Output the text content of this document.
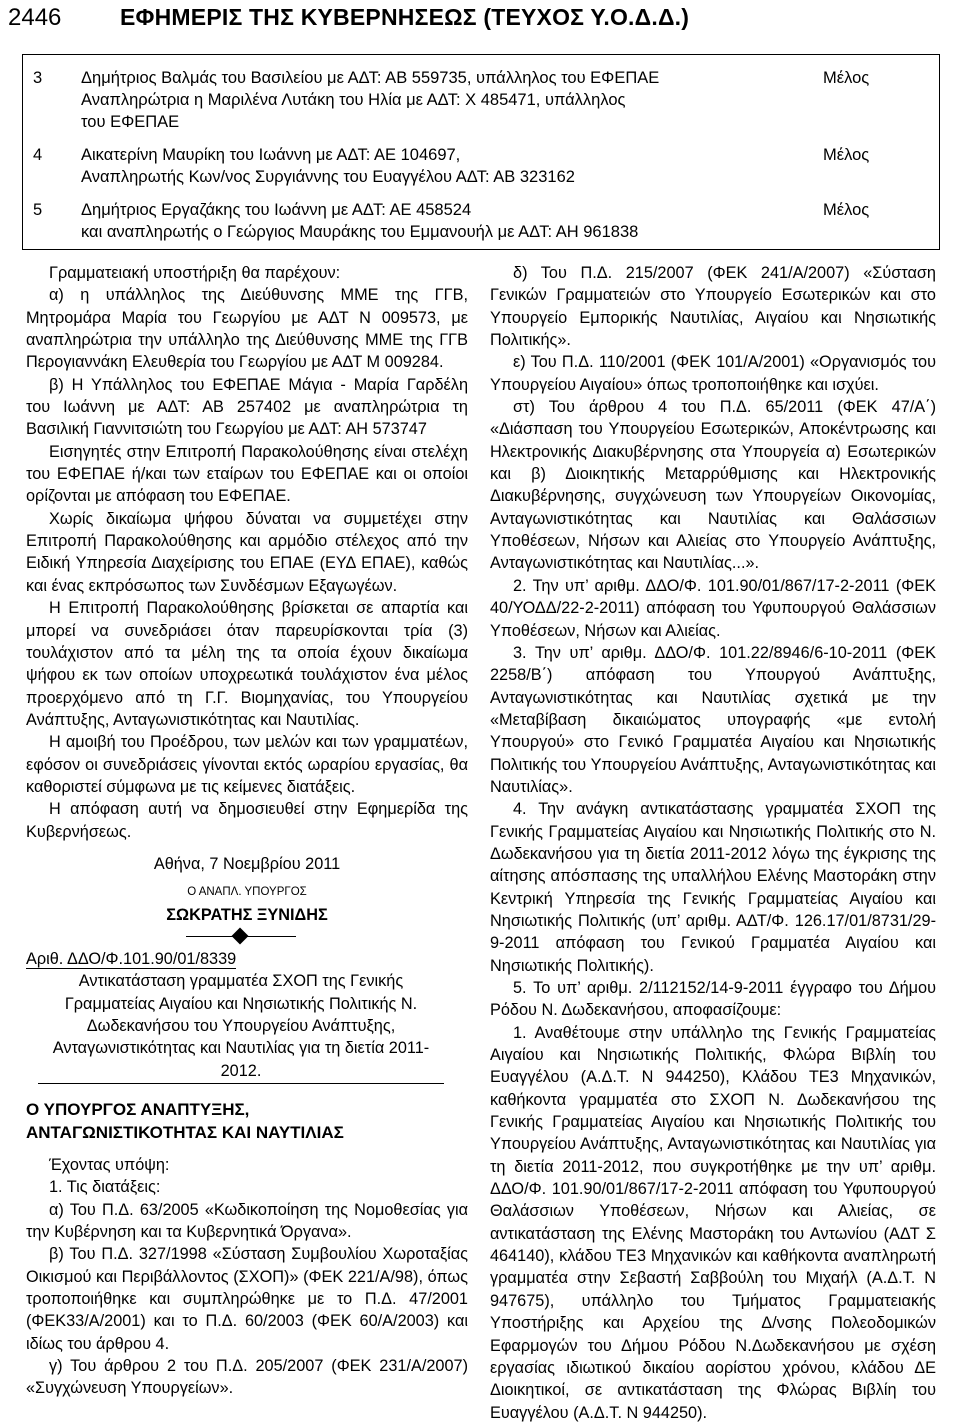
2446	ΕΦΗΜΕΡΙΣ ΤΗΣ ΚΥΒΕΡΝΗΣΕΩΣ (ΤΕΥΧΟΣ Υ.Ο.Δ.Δ.)
3 Δημήτριος Βαλμάς του Βασιλείου με ΑΔΤ: ΑΒ 559735, υπάλληλος του ΕΦΕΠΑΕ
Αναπληρώτρια η Μαριλένα Λυτάκη του Ηλία με ΑΔΤ: Χ 485471, υπάλληλος
του ΕΦΕΠΑΕ
Μέλος
4 Αικατερίνη Μαυρίκη του Ιωάννη με ΑΔΤ: ΑΕ 104697,
Αναπληρωτής Κων/νος Συργιάννης του Ευαγγέλου ΑΔΤ: ΑΒ 323162
Μέλος
5 Δημήτριος Εργαζάκης του Ιωάννη με ΑΔΤ: ΑΕ 458524
και αναπληρωτής ο Γεώργιος Μαυράκης του Εμμανουήλ με ΑΔΤ: ΑΗ 961838
Μέλος

Γραμματειακή υποστήριξη θα παρέχουν:

α) η υπάλληλος της Διεύθυνσης ΜΜΕ της ΓΓΒ, Μητρομάρα Μαρία του Γεωργίου με ΑΔΤ Ν 009573, με αναπληρώτρια την υπάλληλο της Διεύθυνσης ΜΜΕ της ΓΓΒ Περογιαννάκη Ελευθερία του Γεωργίου με ΑΔΤ Μ 009284.

β) Η Υπάλληλος του ΕΦΕΠΑΕ Μάγια - Μαρία Γαρδέλη του Ιωάννη με ΑΔΤ: ΑΒ 257402 με αναπληρώτρια τη Βασιλική Γιαννιτσιώτη του Γεωργίου με ΑΔΤ: ΑΗ 573747

Εισηγητές στην Επιτροπή Παρακολούθησης είναι στελέχη του ΕΦΕΠΑΕ ή/και των εταίρων του ΕΦΕΠΑΕ και οι οποίοι ορίζονται με απόφαση του ΕΦΕΠΑΕ.

Χωρίς δικαίωμα ψήφου δύναται να συμμετέχει στην Επιτροπή Παρακολούθησης και αρμόδιο στέλεχος από την Ειδική Υπηρεσία Διαχείρισης του ΕΠΑΕ (ΕΥΔ ΕΠΑΕ), καθώς και ένας εκπρόσωπος των Συνδέσμων Εξαγωγέων.

Η Επιτροπή Παρακολούθησης βρίσκεται σε απαρτία και μπορεί να συνεδριάσει όταν παρευρίσκονται τρία (3) τουλάχιστον από τα μέλη της τα οποία έχουν δικαίωμα ψήφου εκ των οποίων υποχρεωτικά τουλάχιστον ένα μέλος προερχόμενο από τη Γ.Γ. Βιομηχανίας, του Υπουργείου Ανάπτυξης, Ανταγωνιστικότητας και Ναυτιλίας.

Η αμοιβή του Προέδρου, των μελών και των γραμματέων, εφόσον οι συνεδριάσεις γίνονται εκτός ωραρίου εργασίας, θα καθοριστεί σύμφωνα με τις κείμενες διατάξεις.

Η απόφαση αυτή να δημοσιευθεί στην Εφημερίδα της Κυβερνήσεως.

Αθήνα, 7 Νοεμβρίου 2011

Ο ΑΝΑΠΛ. ΥΠΟΥΡΓΟΣ

ΣΩΚΡΑΤΗΣ ΞΥΝΙΔΗΣ

Αριθ. ΔΔΟ/Φ.101.90/01/8339

Αντικατάσταση γραμματέα ΣΧΟΠ της Γενικής Γραμματείας Αιγαίου και Νησιωτικής Πολιτικής Ν. Δωδεκανήσου του Υπουργείου Ανάπτυξης, Ανταγωνιστικότητας και Ναυτιλίας για τη διετία 2011-2012.

Ο ΥΠΟΥΡΓΟΣ ΑΝΑΠΤΥΞΗΣ,
ΑΝΤΑΓΩΝΙΣΤΙΚΟΤΗΤΑΣ ΚΑΙ ΝΑΥΤΙΛΙΑΣ

Έχοντας υπόψη:

1. Τις διατάξεις:

α) Του Π.Δ. 63/2005 «Κωδικοποίηση της Νομοθεσίας για την Κυβέρνηση και τα Κυβερνητικά Όργανα».

β) Του Π.Δ. 327/1998 «Σύσταση Συμβουλίου Χωροταξίας Οικισμού και Περιβάλλοντος (ΣΧΟΠ)» (ΦΕΚ 221/Α/98), όπως τροποποιήθηκε και συμπληρώθηκε με το Π.Δ. 47/2001 (ΦΕΚ33/Α/2001) και το Π.Δ. 60/2003 (ΦΕΚ 60/Α/2003) και ιδίως του άρθρου 4.

γ) Του άρθρου 2 του Π.Δ. 205/2007 (ΦΕΚ 231/Α/2007) «Συγχώνευση Υπουργείων».

δ) Του Π.Δ. 215/2007 (ΦΕΚ 241/Α/2007) «Σύσταση Γενικών Γραμματειών στο Υπουργείο Εσωτερικών και στο Υπουργείο Εμπορικής Ναυτιλίας, Αιγαίου και Νησιωτικής Πολιτικής».

ε) Του Π.Δ. 110/2001 (ΦΕΚ 101/Α/2001) «Οργανισμός του Υπουργείου Αιγαίου» όπως τροποποιήθηκε και ισχύει.

στ) Του άρθρου 4 του Π.Δ. 65/2011 (ΦΕΚ 47/Α΄) «Διάσπαση του Υπουργείου Εσωτερικών, Αποκέντρωσης και Ηλεκτρονικής Διακυβέρνησης στα Υπουργεία α) Εσωτερικών και β) Διοικητικής Μεταρρύθμισης και Ηλεκτρονικής Διακυβέρνησης, συγχώνευση των Υπουργείων Οικονομίας, Ανταγωνιστικότητας και Ναυτιλίας και Θαλάσσιων Υποθέσεων, Νήσων και Αλιείας στο Υπουργείο Ανάπτυξης, Ανταγωνιστικότητας και Ναυτιλίας...».

2. Την υπ’ αριθμ. ΔΔΟ/Φ. 101.90/01/867/17-2-2011 (ΦΕΚ 40/ΥΟΔΔ/22-2-2011) απόφαση του Υφυπουργού Θαλάσσιων Υποθέσεων, Νήσων και Αλιείας.

3. Την υπ’ αριθμ. ΔΔΟ/Φ. 101.22/8946/6-10-2011 (ΦΕΚ 2258/Β΄) απόφαση του Υπουργού Ανάπτυξης, Ανταγωνιστικότητας και Ναυτιλίας σχετικά με την «Μεταβίβαση δικαιώματος υπογραφής «με εντολή Υπουργού» στο Γενικό Γραμματέα Αιγαίου και Νησιωτικής Πολιτικής του Υπουργείου Ανάπτυξης, Ανταγωνιστικότητας και Ναυτιλίας».

4. Την ανάγκη αντικατάστασης γραμματέα ΣΧΟΠ της Γενικής Γραμματείας Αιγαίου και Νησιωτικής Πολιτικής στο Ν. Δωδεκανήσου για τη διετία 2011-2012 λόγω της έγκρισης της αίτησης απόσπασης της υπαλλήλου Ελένης Μαστοράκη στην Κεντρική Υπηρεσία της Γενικής Γραμματείας Αιγαίου και Νησιωτικής Πολιτικής (υπ’ αριθμ. ΑΔΤ/Φ. 126.17/01/8731/29-9-2011 απόφαση του Γενικού Γραμματέα Αιγαίου και Νησιωτικής Πολιτικής).

5. Το υπ’ αριθμ. 2/112152/14-9-2011 έγγραφο του Δήμου Ρόδου Ν. Δωδεκανήσου, αποφασίζουμε:

1. Αναθέτουμε στην υπάλληλο της Γενικής Γραμματείας Αιγαίου και Νησιωτικής Πολιτικής, Φλώρα Βιβλίη του Ευαγγέλου (Α.Δ.Τ. Ν 944250), Κλάδου ΤΕ3 Μηχανικών, καθήκοντα γραμματέα στο ΣΧΟΠ Ν. Δωδεκανήσου της Γενικής Γραμματείας Αιγαίου και Νησιωτικής Πολιτικής του Υπουργείου Ανάπτυξης, Ανταγωνιστικότητας και Ναυτιλίας για τη διετία 2011-2012, που συγκροτήθηκε με την υπ’ αριθμ. ΔΔΟ/Φ. 101.90/01/867/17-2-2011 απόφαση του Υφυπουργού Θαλάσσιων Υποθέσεων, Νήσων και Αλιείας, σε αντικατάσταση της Ελένης Μαστοράκη του Αντωνίου (ΑΔΤ Σ 464140), κλάδου ΤΕ3 Μηχανικών και καθήκοντα αναπληρωτή γραμματέα στην Σεβαστή Σαββούλη του Μιχαήλ (Α.Δ.Τ. Ν 947675), υπάλληλο του Τμήματος Γραμματειακής Υποστήριξης και Αρχείου της Δ/νσης Πολεοδομικών Εφαρμογών του Δήμου Ρόδου Ν.Δωδεκανήσου με σχέση εργασίας ιδιωτικού δικαίου αορίστου χρόνου, κλάδου ΔΕ Διοικητικοί, σε αντικατάσταση της Φλώρας Βιβλίη του Ευαγγέλου (Α.Δ.Τ. Ν 944250).
